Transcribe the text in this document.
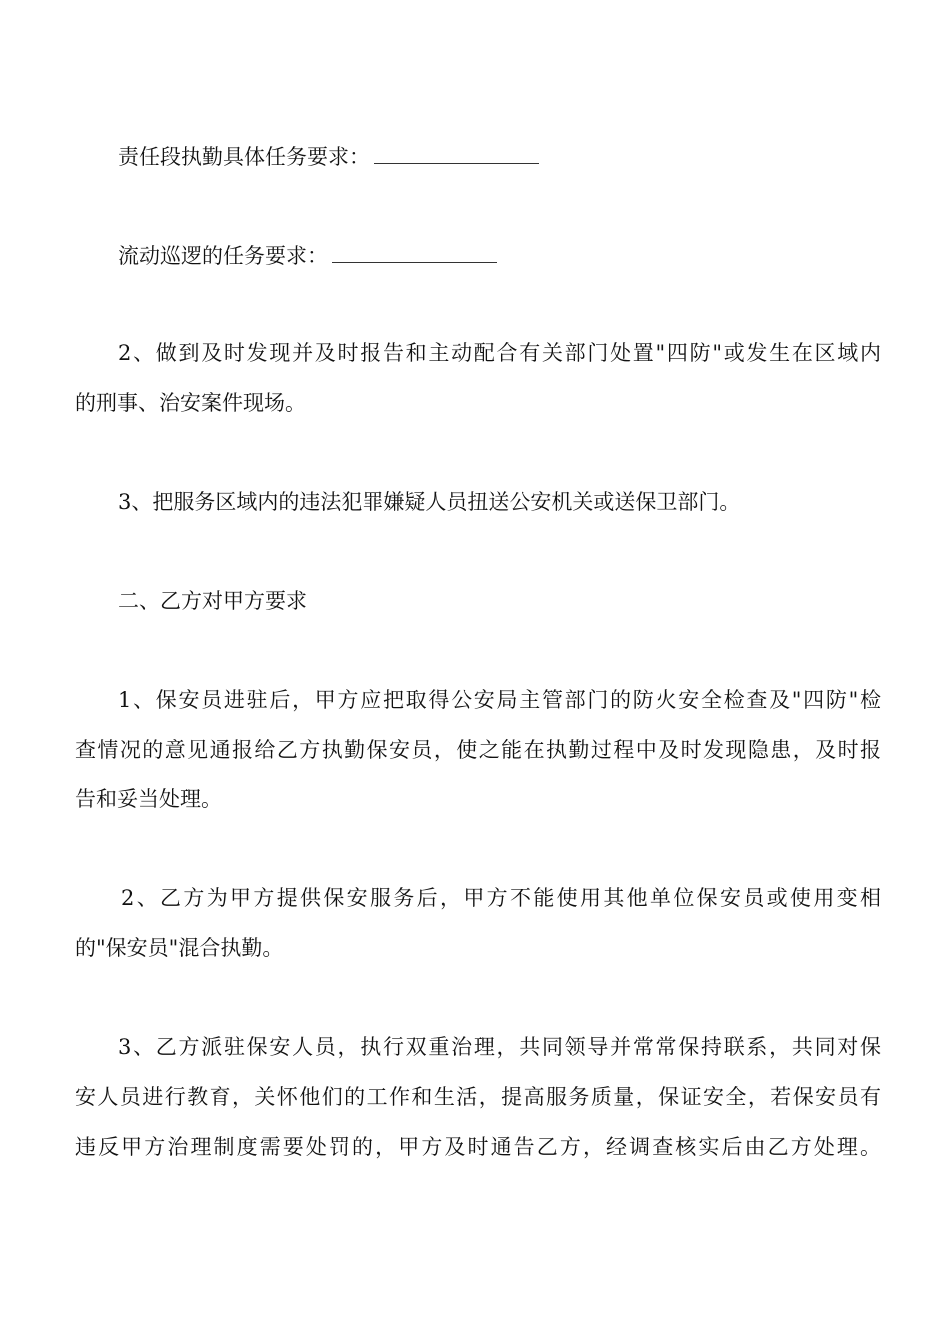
责任段执勤具体任务要求：
流动巡逻的任务要求：
2、做到及时发现并及时报告和主动配合有关部门处置"四防"或发生在区域内
的刑事、治安案件现场。
3、把服务区域内的违法犯罪嫌疑人员扭送公安机关或送保卫部门。
二、乙方对甲方要求
1、保安员进驻后，甲方应把取得公安局主管部门的防火安全检查及"四防"检
查情况的意见通报给乙方执勤保安员，使之能在执勤过程中及时发现隐患，及时报
告和妥当处理。
2、乙方为甲方提供保安服务后，甲方不能使用其他单位保安员或使用变相
的"保安员"混合执勤。
3、乙方派驻保安人员，执行双重治理，共同领导并常常保持联系，共同对保
安人员进行教育，关怀他们的工作和生活，提高服务质量，保证安全，若保安员有
违反甲方治理制度需要处罚的，甲方及时通告乙方，经调查核实后由乙方处理。
